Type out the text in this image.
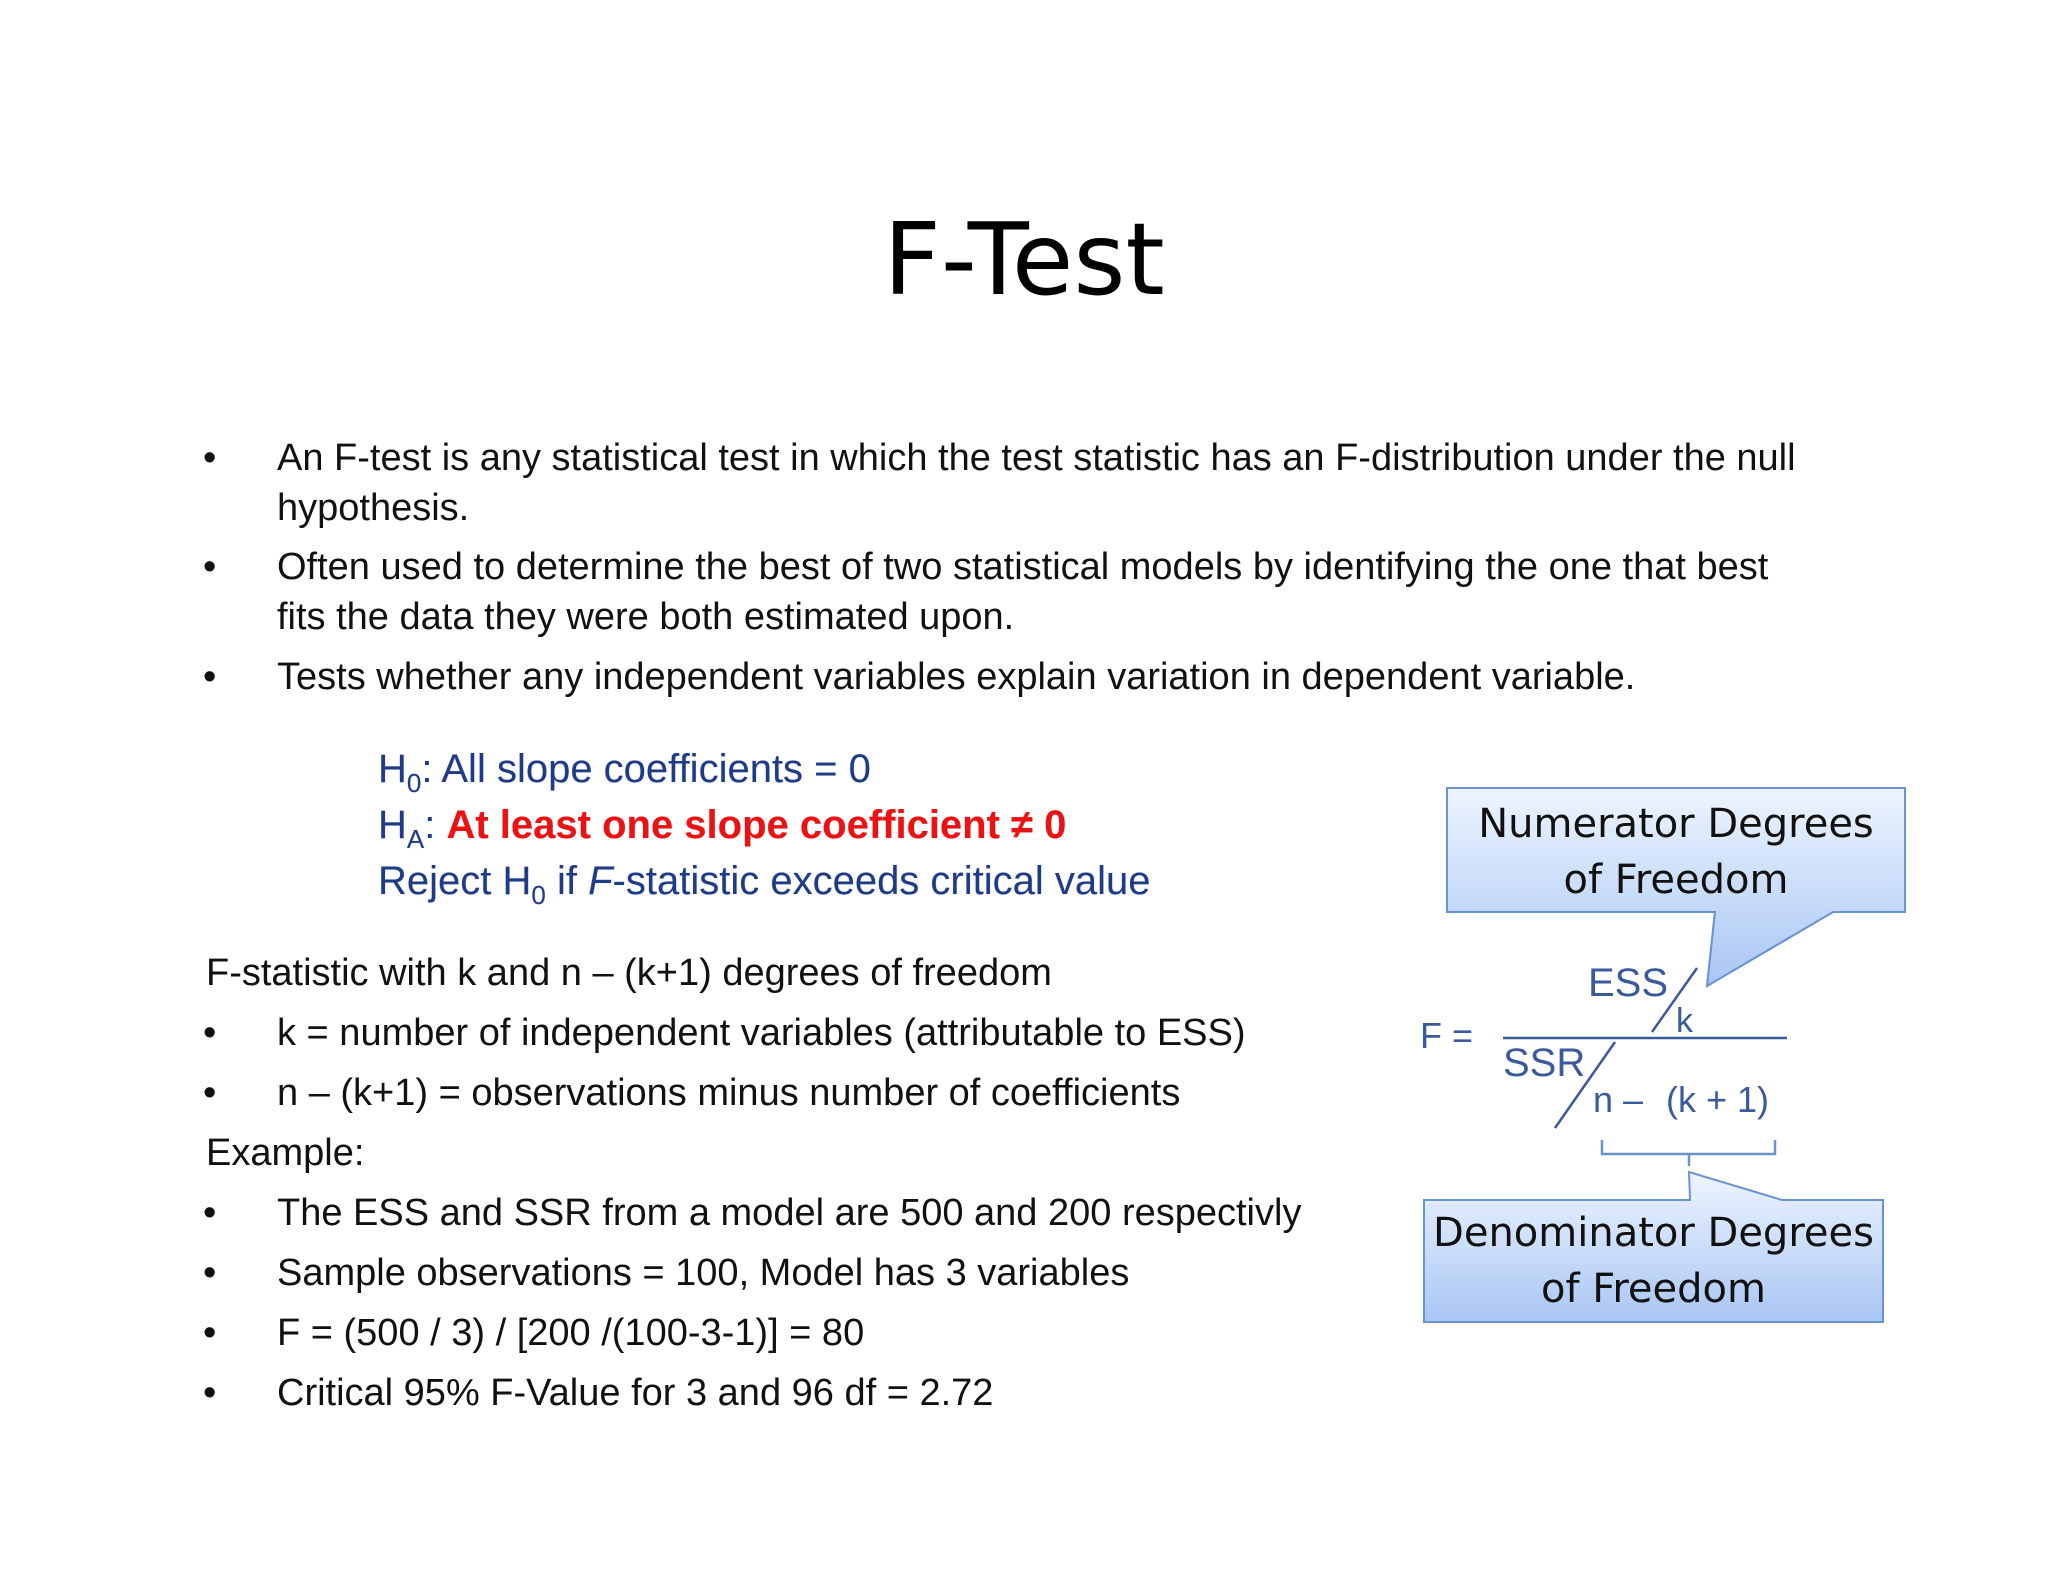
F-Test
• An F-test is any statistical test in which the test statistic has an F-distribution under the null
hypothesis.
• Often used to determine the best of two statistical models by identifying the one that best
fits the data they were both estimated upon.
• Tests whether any independent variables explain variation in dependent variable.
$H_0$: All slope coefficients = 0
$H_A$: At least one slope coefficient ≠ 0
Reject $H_0$ if F-statistic exceeds critical value
F-statistic with k and n – (k+1) degrees of freedom
• k = number of independent variables (attributable to ESS)
• n – (k+1) = observations minus number of coefficients
Example:
• The ESS and SSR from a model are 500 and 200 respectivly
• Sample observations = 100, Model has 3 variables
• F = (500 / 3) / [200 /(100-3-1)] = 80
• Critical 95% F-Value for 3 and 96 df = 2.72
F =
ESS
k
SSR
n – (k + 1)
Numerator Degrees
of Freedom
Denominator Degrees
of Freedom
